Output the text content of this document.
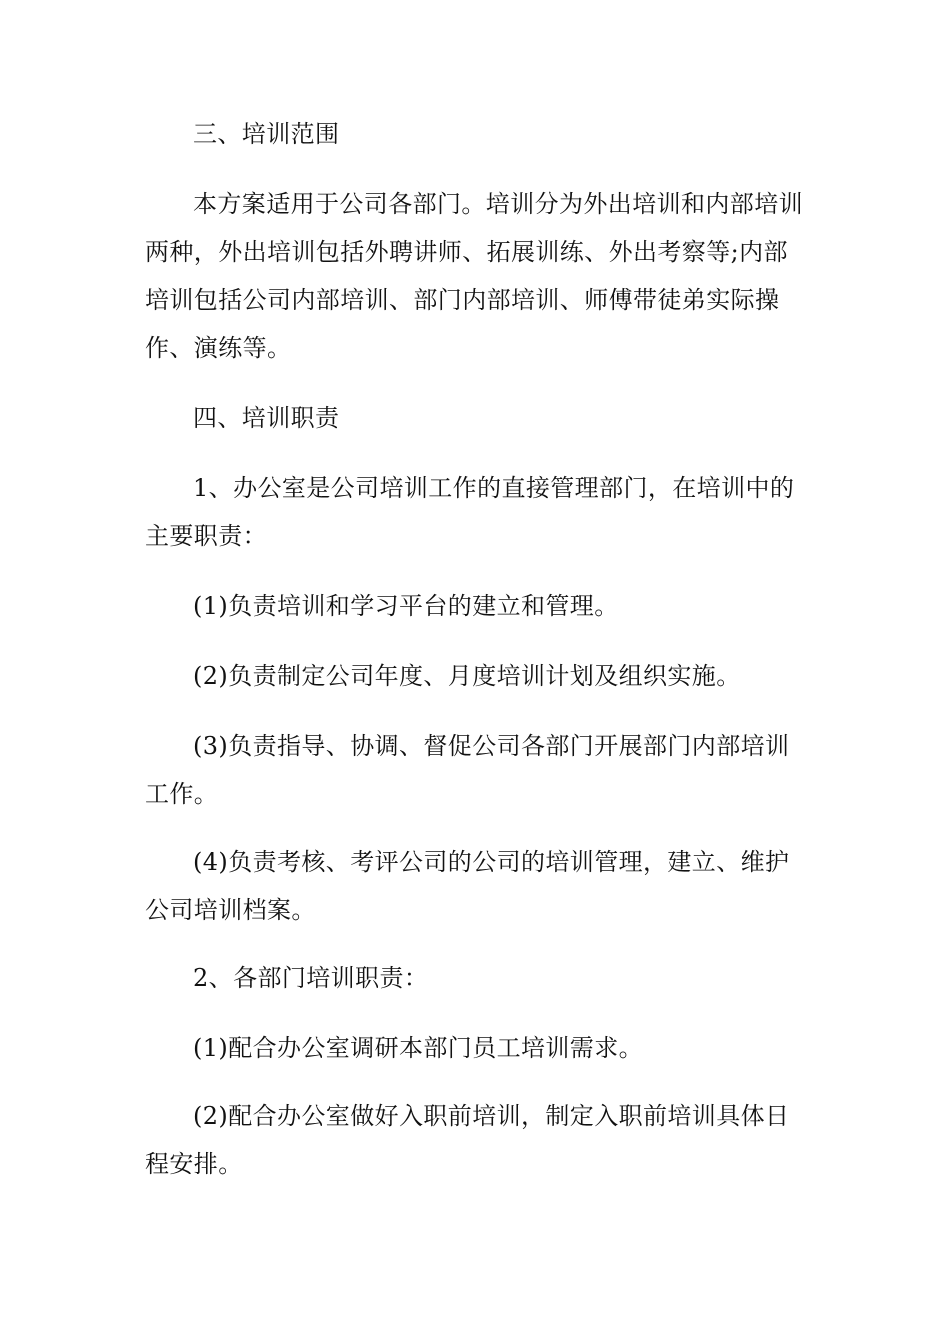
三、培训范围

本方案适用于公司各部门。培训分为外出培训和内部培训两种，外出培训包括外聘讲师、拓展训练、外出考察等;内部培训包括公司内部培训、部门内部培训、师傅带徒弟实际操作、演练等。

四、培训职责

1、办公室是公司培训工作的直接管理部门，在培训中的主要职责：

(1)负责培训和学习平台的建立和管理。

(2)负责制定公司年度、月度培训计划及组织实施。

(3)负责指导、协调、督促公司各部门开展部门内部培训工作。

(4)负责考核、考评公司的公司的培训管理，建立、维护公司培训档案。

2、各部门培训职责：

(1)配合办公室调研本部门员工培训需求。

(2)配合办公室做好入职前培训，制定入职前培训具体日程安排。
